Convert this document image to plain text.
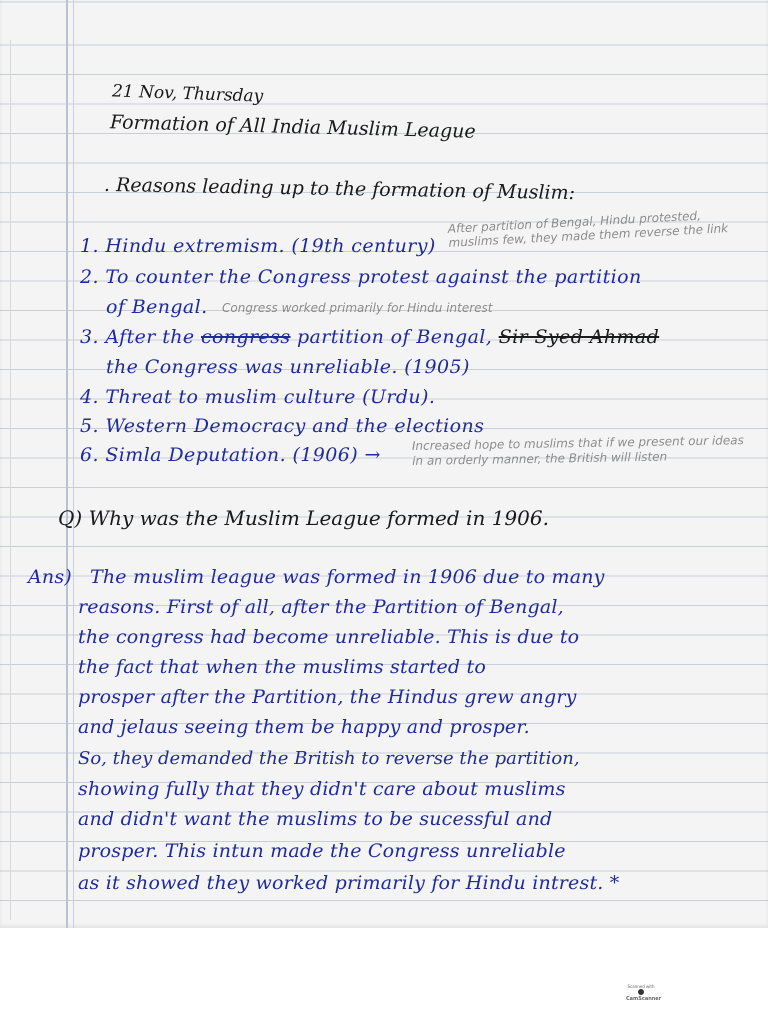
21 Nov, Thursday
Formation of All India Muslim League
. Reasons leading up to the formation of Muslim:
1. Hindu extremism. (19th century)
After partition of Bengal, Hindu protested, muslims few, they made them reverse the link
2. To counter the Congress protest against the partition
of Bengal. Congress worked primarily for Hindu interest
3. After the congress partition of Bengal, Sir Syed Ahmad
the Congress was unreliable. (1905)
4. Threat to muslim culture (Urdu).
5. Western Democracy and the elections
6. Simla Deputation. (1906) →
Increased hope to muslims that if we present our ideas in an orderly manner, the British will listen
Q) Why was the Muslim League formed in 1906.
Ans) The muslim league was formed in 1906 due to many
reasons. First of all, after the Partition of Bengal,
the congress had become unreliable. This is due to
the fact that when the muslims started to
prosper after the Partition, the Hindus grew angry
and jelaus seeing them be happy and prosper.
So, they demanded the British to reverse the partition,
showing fully that they didn't care about muslims
and didn't want the muslims to be sucessful and
prosper. This intun made the Congress unreliable
as it showed they worked primarily for Hindu intrest. *
Scanned with
CamScanner
